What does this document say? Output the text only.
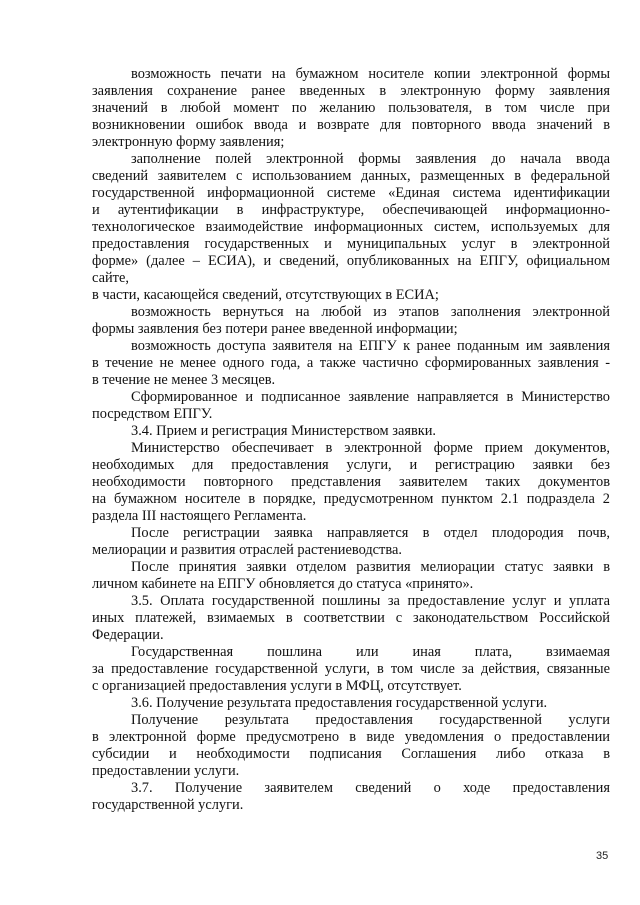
возможность печати на бумажном носителе копии электронной формы
заявления сохранение ранее введенных в электронную форму заявления
значений в любой момент по желанию пользователя, в том числе при
возникновении ошибок ввода и возврате для повторного ввода значений в
электронную форму заявления;
заполнение полей электронной формы заявления до начала ввода
сведений заявителем с использованием данных, размещенных в федеральной
государственной информационной системе «Единая система идентификации
и аутентификации в инфраструктуре, обеспечивающей информационно-
технологическое взаимодействие информационных систем, используемых для
предоставления государственных и муниципальных услуг в электронной
форме» (далее – ЕСИА), и сведений, опубликованных на ЕПГУ, официальном
сайте,
в части, касающейся сведений, отсутствующих в ЕСИА;
возможность вернуться на любой из этапов заполнения электронной
формы заявления без потери ранее введенной информации;
возможность доступа заявителя на ЕПГУ к ранее поданным им заявления
в течение не менее одного года, а также частично сформированных заявления -
в течение не менее 3 месяцев.
Сформированное и подписанное заявление направляется в Министерство
посредством ЕПГУ.
3.4. Прием и регистрация Министерством заявки.
Министерство обеспечивает в электронной форме прием документов,
необходимых для предоставления услуги, и регистрацию заявки без
необходимости повторного представления заявителем таких документов
на бумажном носителе в порядке, предусмотренном пунктом 2.1 подраздела 2
раздела III настоящего Регламента.
После регистрации заявка направляется в отдел плодородия почв,
мелиорации и развития отраслей растениеводства.
После принятия заявки отделом развития мелиорации статус заявки в
личном кабинете на ЕПГУ обновляется до статуса «принято».
3.5. Оплата государственной пошлины за предоставление услуг и уплата
иных платежей, взимаемых в соответствии с законодательством Российской
Федерации.
Государственная пошлина или иная плата, взимаемая
за предоставление государственной услуги, в том числе за действия, связанные
с организацией предоставления услуги в МФЦ, отсутствует.
3.6. Получение результата предоставления государственной услуги.
Получение результата предоставления государственной услуги
в электронной форме предусмотрено в виде уведомления о предоставлении
субсидии и необходимости подписания Соглашения либо отказа в
предоставлении услуги.
3.7. Получение заявителем сведений о ходе предоставления
государственной услуги.
35
